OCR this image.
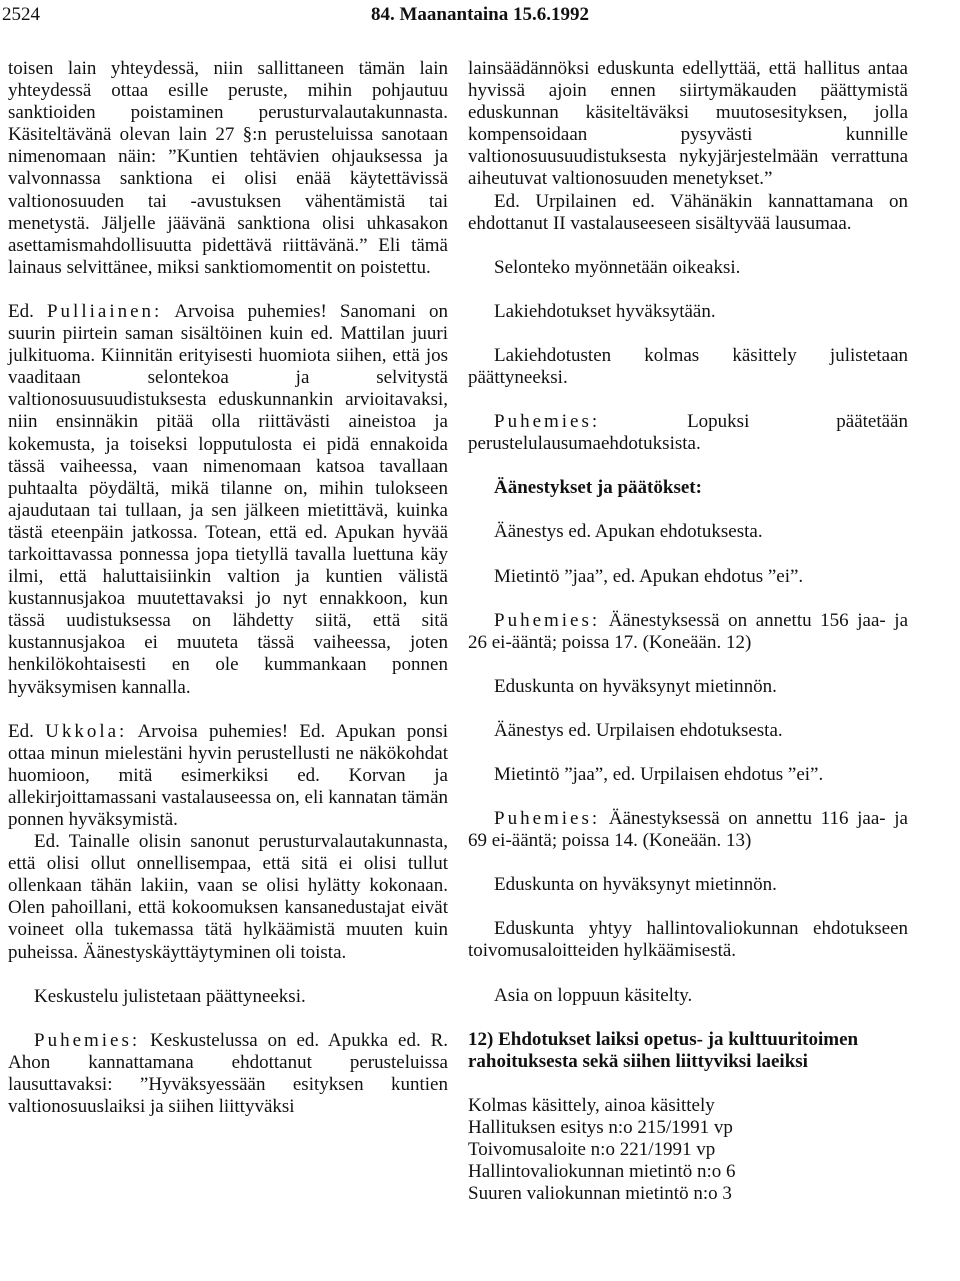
2524	84. Maanantaina 15.6.1992

toisen lain yhteydessä, niin sallittaneen tämän lain yhteydessä ottaa esille peruste, mihin pohjautuu sanktioiden poistaminen perusturvalautakunnasta. Käsiteltävänä olevan lain 27 §:n perusteluissa sanotaan nimenomaan näin: ”Kuntien tehtävien ohjauksessa ja valvonnassa sanktiona ei olisi enää käytettävissä valtionosuuden tai -avustuksen vähentämistä tai menetystä. Jäljelle jäävänä sanktiona olisi uhkasakon asettamismahdollisuutta pidettävä riittävänä.” Eli tämä lainaus selvittänee, miksi sanktiomomentit on poistettu.

Ed. Pulliainen: Arvoisa puhemies! Sanomani on suurin piirtein saman sisältöinen kuin ed. Mattilan juuri julkituoma. Kiinnitän erityisesti huomiota siihen, että jos vaaditaan selontekoa ja selvitystä valtionosuusuudistuksesta eduskunnankin arvioitavaksi, niin ensinnäkin pitää olla riittävästi aineistoa ja kokemusta, ja toiseksi lopputulosta ei pidä ennakoida tässä vaiheessa, vaan nimenomaan katsoa tavallaan puhtaalta pöydältä, mikä tilanne on, mihin tulokseen ajaudutaan tai tullaan, ja sen jälkeen mietittävä, kuinka tästä eteenpäin jatkossa. Totean, että ed. Apukan hyvää tarkoittavassa ponnessa jopa tietyllä tavalla luettuna käy ilmi, että haluttaisiinkin valtion ja kuntien välistä kustannusjakoa muutettavaksi jo nyt ennakkoon, kun tässä uudistuksessa on lähdetty siitä, että sitä kustannusjakoa ei muuteta tässä vaiheessa, joten henkilökohtaisesti en ole kummankaan ponnen hyväksymisen kannalla.

Ed. Ukkola: Arvoisa puhemies! Ed. Apukan ponsi ottaa minun mielestäni hyvin perustellusti ne näkökohdat huomioon, mitä esimerkiksi ed. Korvan ja allekirjoittamassani vastalauseessa on, eli kannatan tämän ponnen hyväksymistä.

Ed. Tainalle olisin sanonut perusturvalautakunnasta, että olisi ollut onnellisempaa, että sitä ei olisi tullut ollenkaan tähän lakiin, vaan se olisi hylätty kokonaan. Olen pahoillani, että kokoomuksen kansanedustajat eivät voineet olla tukemassa tätä hylkäämistä muuten kuin puheissa. Äänestyskäyttäytyminen oli toista.

Keskustelu julistetaan päättyneeksi.

Puhemies: Keskustelussa on ed. Apukka ed. R. Ahon kannattamana ehdottanut perusteluissa lausuttavaksi: ”Hyväksyessään esityksen kuntien valtionosuuslaiksi ja siihen liittyväksi

lainsäädännöksi eduskunta edellyttää, että hallitus antaa hyvissä ajoin ennen siirtymäkauden päättymistä eduskunnan käsiteltäväksi muutosesityksen, jolla kompensoidaan pysyvästi kunnille valtionosuusuudistuksesta nykyjärjestelmään verrattuna aiheutuvat valtionosuuden menetykset.”

Ed. Urpilainen ed. Vähänäkin kannattamana on ehdottanut II vastalauseeseen sisältyvää lausumaa.

Selonteko myönnetään oikeaksi.

Lakiehdotukset hyväksytään.

Lakiehdotusten kolmas käsittely julistetaan päättyneeksi.

Puhemies:	Lopuksi päätetään perustelulausumaehdotuksista.

Äänestykset ja päätökset:

Äänestys ed. Apukan ehdotuksesta.

Mietintö ”jaa”, ed. Apukan ehdotus ”ei”.

Puhemies: Äänestyksessä on annettu 156 jaa- ja 26 ei-ääntä; poissa 17. (Koneään. 12)

Eduskunta on hyväksynyt mietinnön.

Äänestys ed. Urpilaisen ehdotuksesta.

Mietintö ”jaa”, ed. Urpilaisen ehdotus ”ei”.

Puhemies: Äänestyksessä on annettu 116 jaa- ja 69 ei-ääntä; poissa 14. (Koneään. 13)

Eduskunta on hyväksynyt mietinnön.

Eduskunta yhtyy hallintovaliokunnan ehdotukseen toivomusaloitteiden hylkäämisestä.

Asia on loppuun käsitelty.

12) Ehdotukset laiksi opetus- ja kulttuuritoimen rahoituksesta sekä siihen liittyviksi laeiksi

Kolmas käsittely, ainoa käsittely

Hallituksen esitys n:o 215/1991 vp

Toivomusaloite n:o 221/1991 vp

Hallintovaliokunnan mietintö n:o 6

Suuren valiokunnan mietintö n:o 3
